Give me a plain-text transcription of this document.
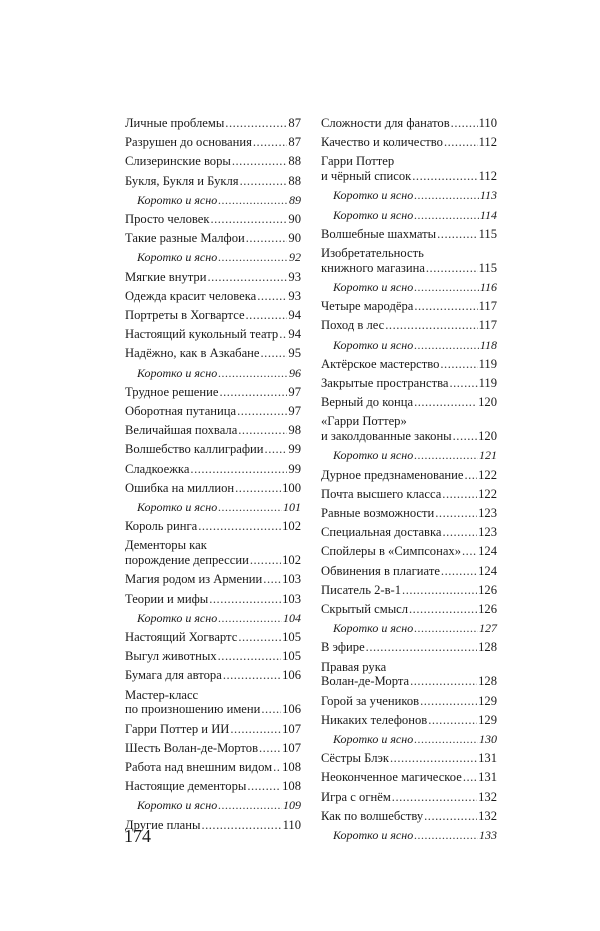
Личные проблемы .....	87
Разрушен до основания .....	87
Слизеринские воры .....	88
Букля, Букля и Букля .....	88
Коротко и ясно .....	89
Просто человек .....	90
Такие разные Малфои .....	90
Коротко и ясно .....	92
Мягкие внутри .....	93
Одежда красит человека .....	93
Портреты в Хогвартсе .....	94
Настоящий кукольный театр ..... 94
Надёжно, как в Азкабане ..... 95
Коротко и ясно .....	96
Трудное решение .....	97
Оборотная путаница .....	97
Величайшая похвала .....	98
Волшебство каллиграфии ..... 99
Сладкоежка .....	99
Ошибка на миллион .....	100
Коротко и ясно .....	101
Король ринга .....	102
Дементоры как
порождение депрессии .....	102
Магия родом из Армении ..... 103
Теории и мифы .....	103
Коротко и ясно .....	104
Настоящий Хогвартс .....	105
Выгул животных .....	105
Бумага для автора .....	106
Мастер-класс
по произношению имени ..... 106
Гарри Поттер и ИИ .....	107
Шесть Волан-де-Мортов ..... 107
Работа над внешним видом ..... 108
Настоящие дементоры .....	108
Коротко и ясно .....	109
Другие планы .....	110
Сложности для фанатов ..... 110
Качество и количество .....	112
Гарри Поттер
и чёрный список .....	112
Коротко и ясно .....	113
Коротко и ясно .....	114
Волшебные шахматы .....	115
Изобретательность
книжного магазина .....	115
Коротко и ясно .....	116
Четыре мародёра .....	117
Поход в лес .....	117
Коротко и ясно .....	118
Актёрское мастерство .....	119
Закрытые пространства ..... 119
Верный до конца .....	120
«Гарри Поттер»
и заколдованные законы ..... 120
Коротко и ясно .....	121
Дурное предзнаменование ..... 122
Почта высшего класса .....	122
Равные возможности .....	123
Специальная доставка .....	123
Спойлеры в «Симпсонах» ..... 124
Обвинения в плагиате .....	124
Писатель 2-в-1 .....	126
Скрытый смысл .....	126
Коротко и ясно .....	127
В эфире .....	128
Правая рука
Волан-де-Морта .....	128
Горой за учеников .....	129
Никаких телефонов .....	129
Коротко и ясно .....	130
Сёстры Блэк .....	131
Неоконченное магическое ..... 131
Игра с огнём .....	132
Как по волшебству .....	132
Коротко и ясно .....	133
174
